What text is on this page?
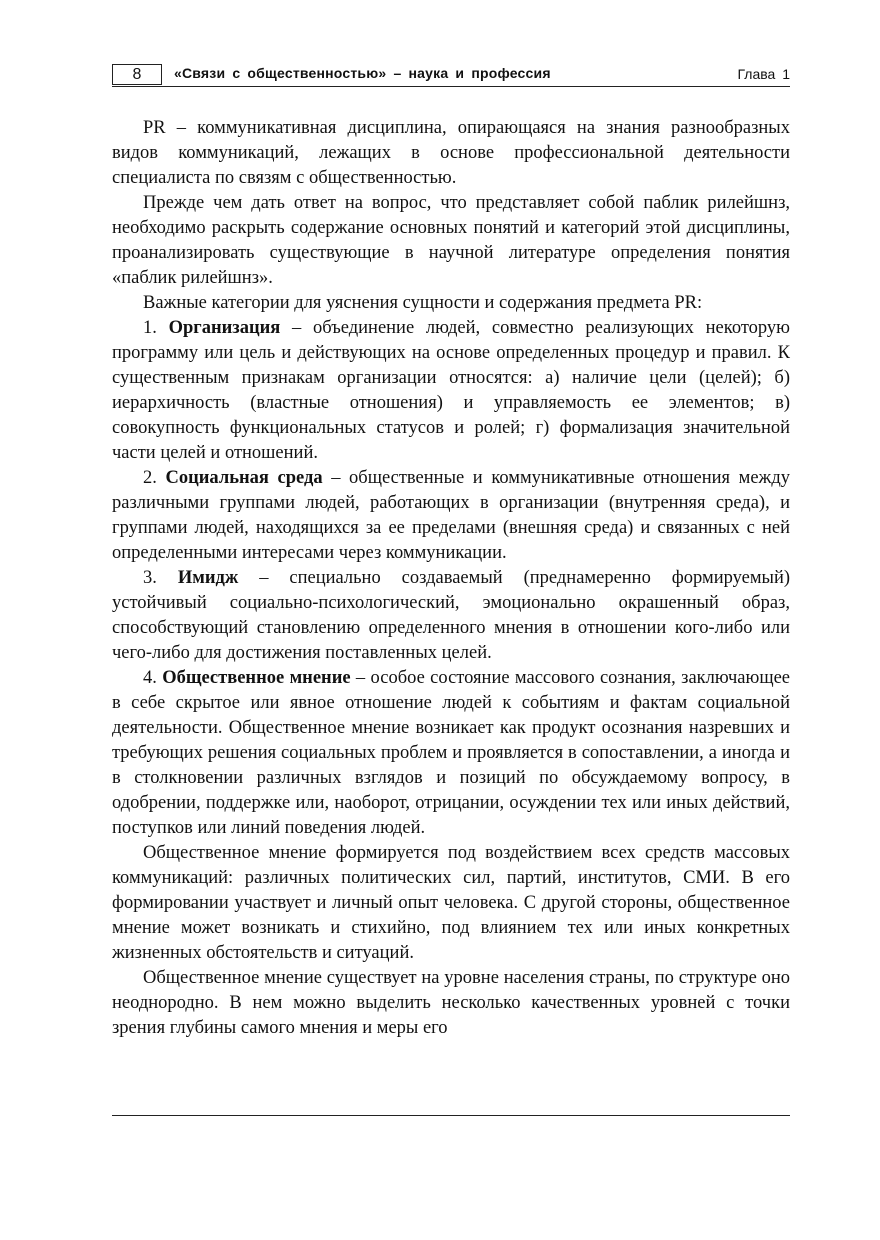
8	«Связи с общественностью» – наука и профессия	Глава 1

PR – коммуникативная дисциплина, опирающаяся на знания разнообразных видов коммуникаций, лежащих в основе профессиональной деятельности специалиста по связям с общественностью.

Прежде чем дать ответ на вопрос, что представляет собой паблик рилейшнз, необходимо раскрыть содержание основных понятий и категорий этой дисциплины, проанализировать существующие в научной литературе определения понятия «паблик рилейшнз».

Важные категории для уяснения сущности и содержания предмета PR:

1. Организация – объединение людей, совместно реализующих некоторую программу или цель и действующих на основе определенных процедур и правил. К существенным признакам организации относятся: а) наличие цели (целей); б) иерархичность (властные отношения) и управляемость ее элементов; в) совокупность функциональных статусов и ролей; г) формализация значительной части целей и отношений.

2. Социальная среда – общественные и коммуникативные отношения между различными группами людей, работающих в организации (внутренняя среда), и группами людей, находящихся за ее пределами (внешняя среда) и связанных с ней определенными интересами через коммуникации.

3. Имидж – специально создаваемый (преднамеренно формируемый) устойчивый социально-психологический, эмоционально окрашенный образ, способствующий становлению определенного мнения в отношении кого-либо или чего-либо для достижения поставленных целей.

4. Общественное мнение – особое состояние массового сознания, заключающее в себе скрытое или явное отношение людей к событиям и фактам социальной деятельности. Общественное мнение возникает как продукт осознания назревших и требующих решения социальных проблем и проявляется в сопоставлении, а иногда и в столкновении различных взглядов и позиций по обсуждаемому вопросу, в одобрении, поддержке или, наоборот, отрицании, осуждении тех или иных действий, поступков или линий поведения людей.

Общественное мнение формируется под воздействием всех средств массовых коммуникаций: различных политических сил, партий, институтов, СМИ. В его формировании участвует и личный опыт человека. С другой стороны, общественное мнение может возникать и стихийно, под влиянием тех или иных конкретных жизненных обстоятельств и ситуаций.

Общественное мнение существует на уровне населения страны, по структуре оно неоднородно. В нем можно выделить несколько качественных уровней с точки зрения глубины самого мнения и меры его
